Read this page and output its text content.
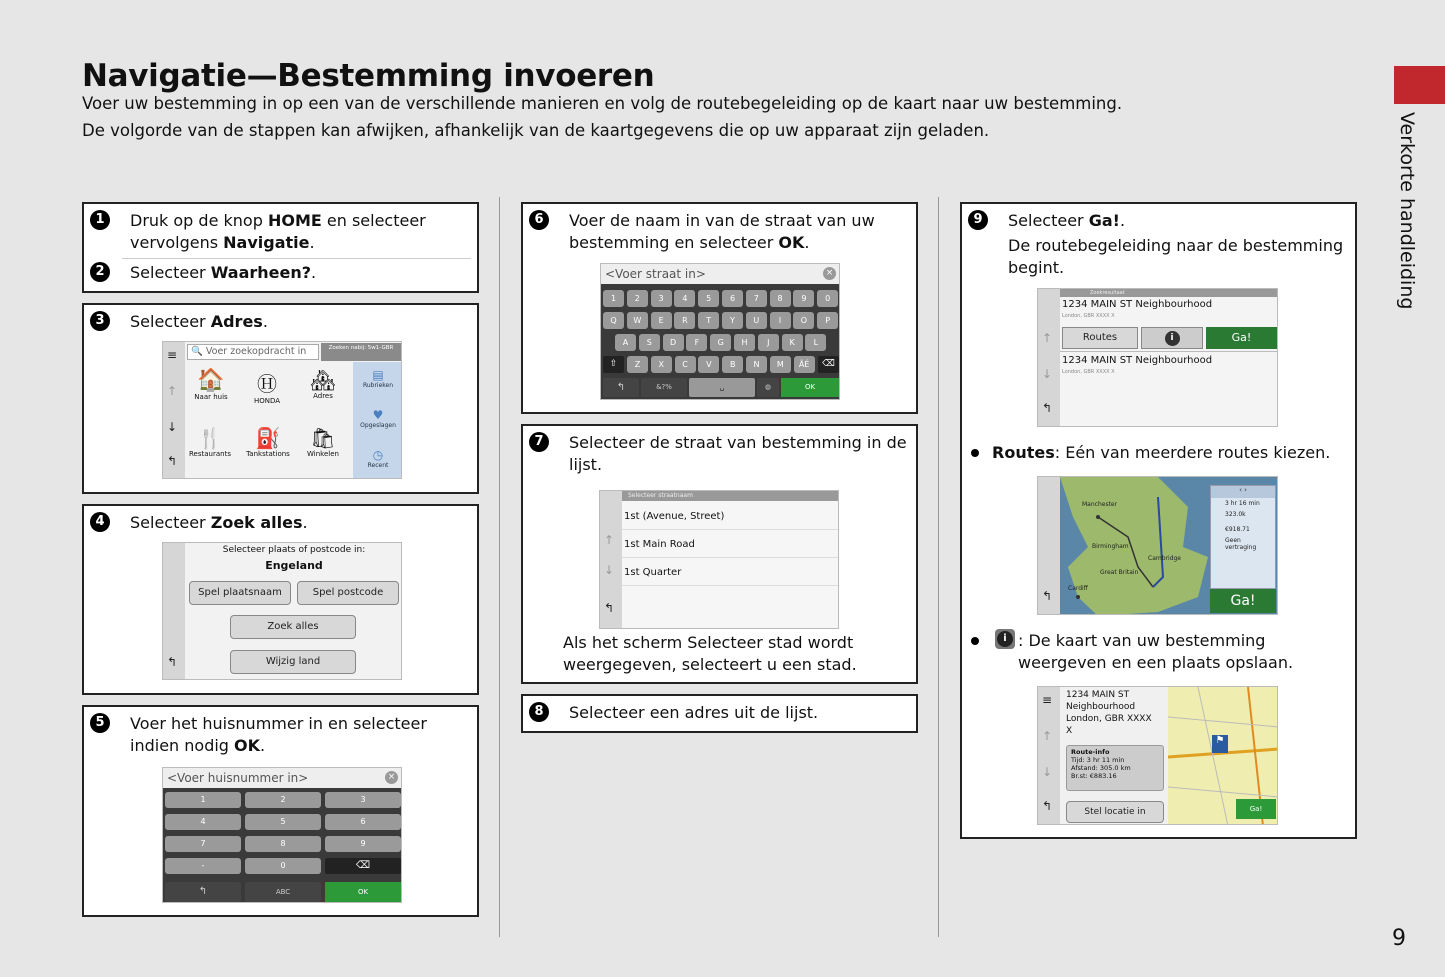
Navigatie—Bestemming invoeren
Voer uw bestemming in op een van de verschillende manieren en volg de routebegeleiding op de kaart naar uw bestemming.
De volgorde van de stappen kan afwijken, afhankelijk van de kaartgegevens die op uw apparaat zijn geladen.	Verkorte handleiding
9
1	Druk op de knop HOME en selecteer vervolgens Navigatie.
2	Selecteer Waarheen?.
3	Selecteer Adres.
≡
↑
↓
↰
🔍 Voer zoekopdracht in	Zoeken nabij: 5w1-GBR
🏠
Naar huis
Ⓗ
HONDA
🏘
Adres
🍴
Restaurants
⛽
Tankstations
🛍
Winkelen
▤
Rubrieken
♥
Opgeslagen
◷
Recent
4	Selecteer Zoek alles.
↰
Selecteer plaats of postcode in:
Engeland
Spel plaatsnaam	Spel postcode
Zoek alles
Wijzig land
5	Voer het huisnummer in en selecteer indien nodig OK.
<Voer huisnummer in>	×
1	2	3
4	5	6
7	8	9
-	0	⌫
↰	ABC	OK
6	Voer de naam in van de straat van uw bestemming en selecteer OK.
<Voer straat in>	×
1	2	3	4	5	6	7	8	9	0
Q	W	E	R	T	Y	U	I	O	P
A	S	D	F	G	H	J	K	L
Z	X	C	V	B	N	M	ÄÉ
⇧	⌫
↰	&?%	␣	◍	OK
7	Selecteer de straat van bestemming in de lijst.
↑
↓
↰
Selecteer straatnaam
1st (Avenue, Street)
1st Main Road
1st Quarter
Als het scherm Selecteer stad wordt weergegeven, selecteert u een stad.
8	Selecteer een adres uit de lijst.
9	Selecteer Ga!.
De routebegeleiding naar de bestemming begint.
↑
↓
↰
Zoekresultaat
1234 MAIN ST Neighbourhood
London, GBR XXXX X
Routes	i	Ga!
1234 MAIN ST Neighbourhood
London, GBR XXXX X
Routes: Eén van meerdere routes kiezen.
↰
Manchester
Birmingham
Cambridge
Great Britain
Cardiff
‹ ›
3 hr 16 min
323.0k
€918.71
Geen vertraging
Ga!
i : De kaart van uw bestemming weergeven en een plaats opslaan.
≡
↑
↓
↰
⚑
1234 MAIN ST
Neighbourhood
London, GBR XXXX
X
Route-info
Tijd: 3 hr 11 min
Afstand: 305.0 km
Br.st: €883.16
Stel locatie in	Ga!
